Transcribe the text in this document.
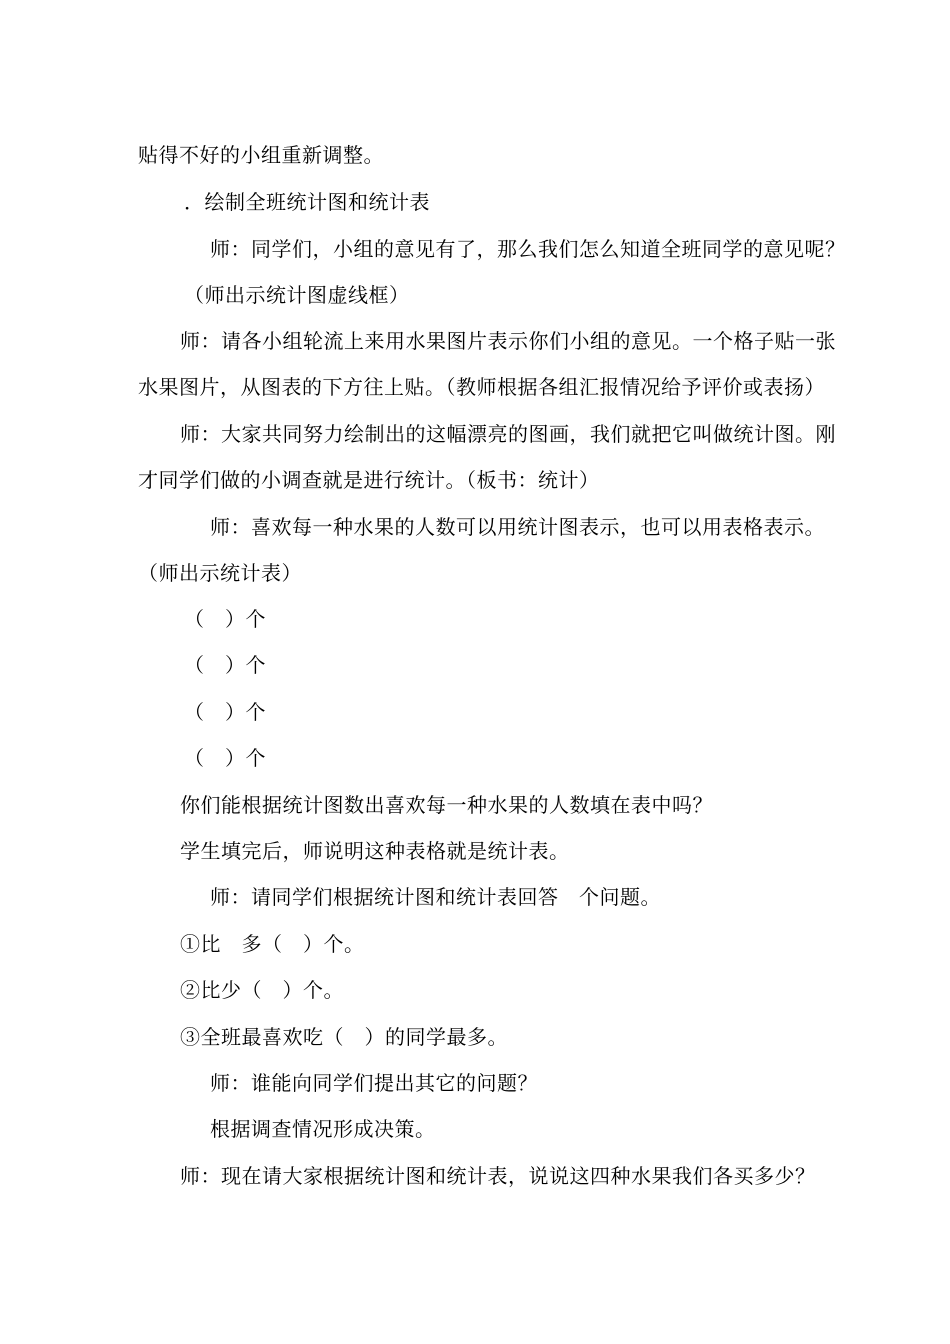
贴得不好的小组重新调整。

．绘制全班统计图和统计表

师：同学们，小组的意见有了，那么我们怎么知道全班同学的意见呢？

（师出示统计图虚线框）

师：请各小组轮流上来用水果图片表示你们小组的意见。一个格子贴一张

水果图片，从图表的下方往上贴。（教师根据各组汇报情况给予评价或表扬）

师：大家共同努力绘制出的这幅漂亮的图画，我们就把它叫做统计图。刚

才同学们做的小调查就是进行统计。（板书：统计）

师：喜欢每一种水果的人数可以用统计图表示，也可以用表格表示。

（师出示统计表）

（　）个

（　）个

（　）个

（　）个

你们能根据统计图数出喜欢每一种水果的人数填在表中吗？

学生填完后，师说明这种表格就是统计表。

师：请同学们根据统计图和统计表回答　个问题。

①比　多（　）个。

②比少（　）个。

③全班最喜欢吃（　）的同学最多。

师：谁能向同学们提出其它的问题？

根据调查情况形成决策。

师：现在请大家根据统计图和统计表，说说这四种水果我们各买多少？
